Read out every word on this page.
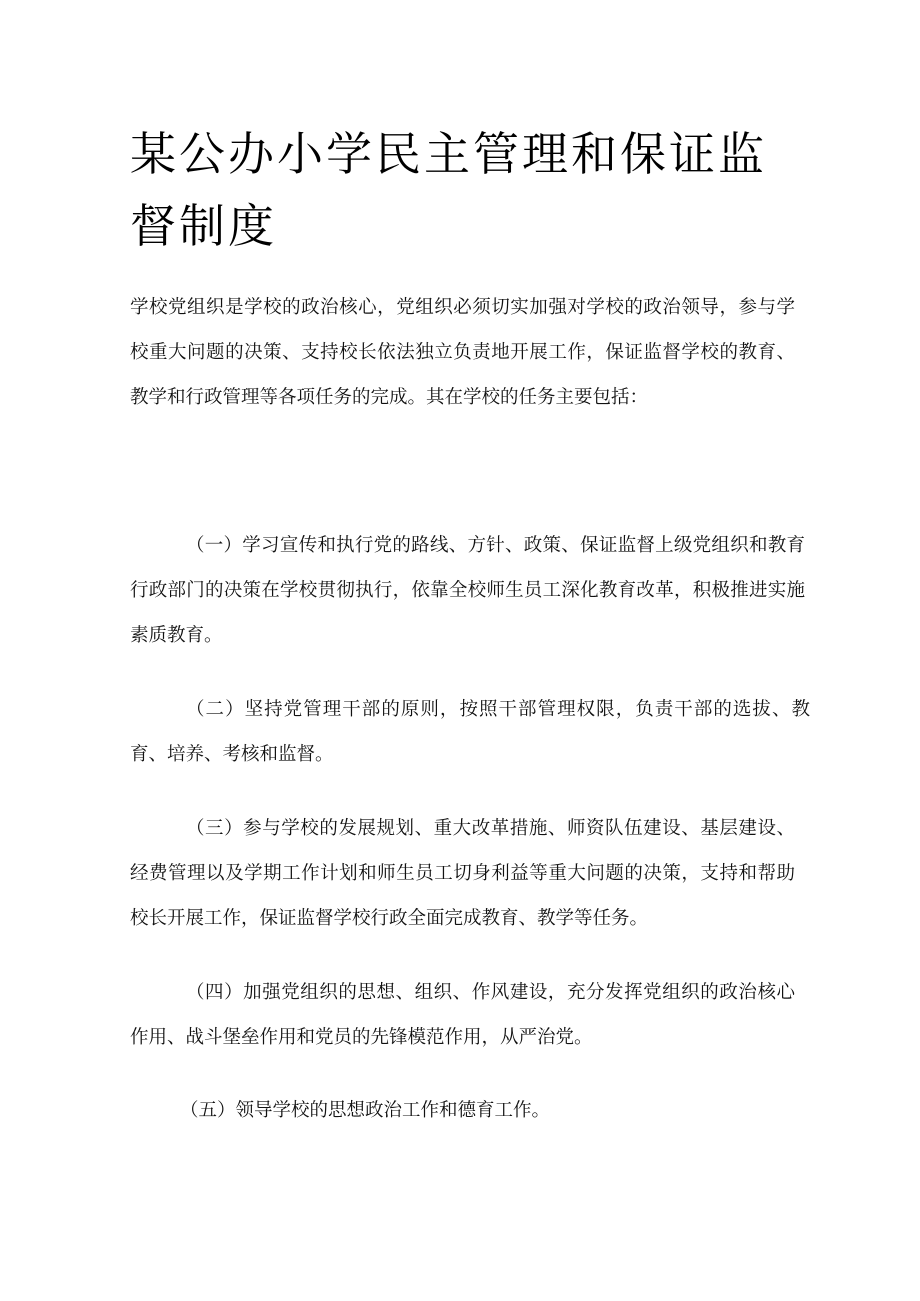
某公办小学民主管理和保证监督制度

学校党组织是学校的政治核心，党组织必须切实加强对学校的政治领导，参与学校重大问题的决策、支持校长依法独立负责地开展工作，保证监督学校的教育、教学和行政管理等各项任务的完成。其在学校的任务主要包括：

（一）学习宣传和执行党的路线、方针、政策、保证监督上级党组织和教育行政部门的决策在学校贯彻执行，依靠全校师生员工深化教育改革，积极推进实施素质教育。

（二）坚持党管理干部的原则，按照干部管理权限，负责干部的选拔、教育、培养、考核和监督。

（三）参与学校的发展规划、重大改革措施、师资队伍建设、基层建设、经费管理以及学期工作计划和师生员工切身利益等重大问题的决策，支持和帮助校长开展工作，保证监督学校行政全面完成教育、教学等任务。

（四）加强党组织的思想、组织、作风建设，充分发挥党组织的政治核心作用、战斗堡垒作用和党员的先锋模范作用，从严治党。

（五）领导学校的思想政治工作和德育工作。
